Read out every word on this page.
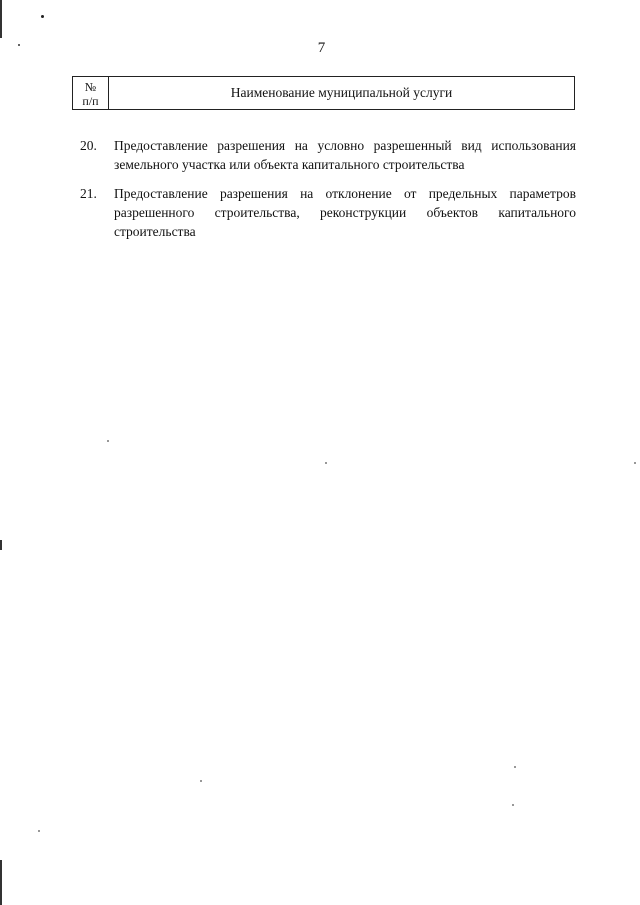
7
№
п/п
Наименование муниципальной услуги
20.	Предоставление разрешения на условно разрешенный вид использования земельного участка или объекта капитального строительства
21.	Предоставление разрешения на отклонение от предельных параметров разрешенного строительства, реконструкции объектов капитального строительства
